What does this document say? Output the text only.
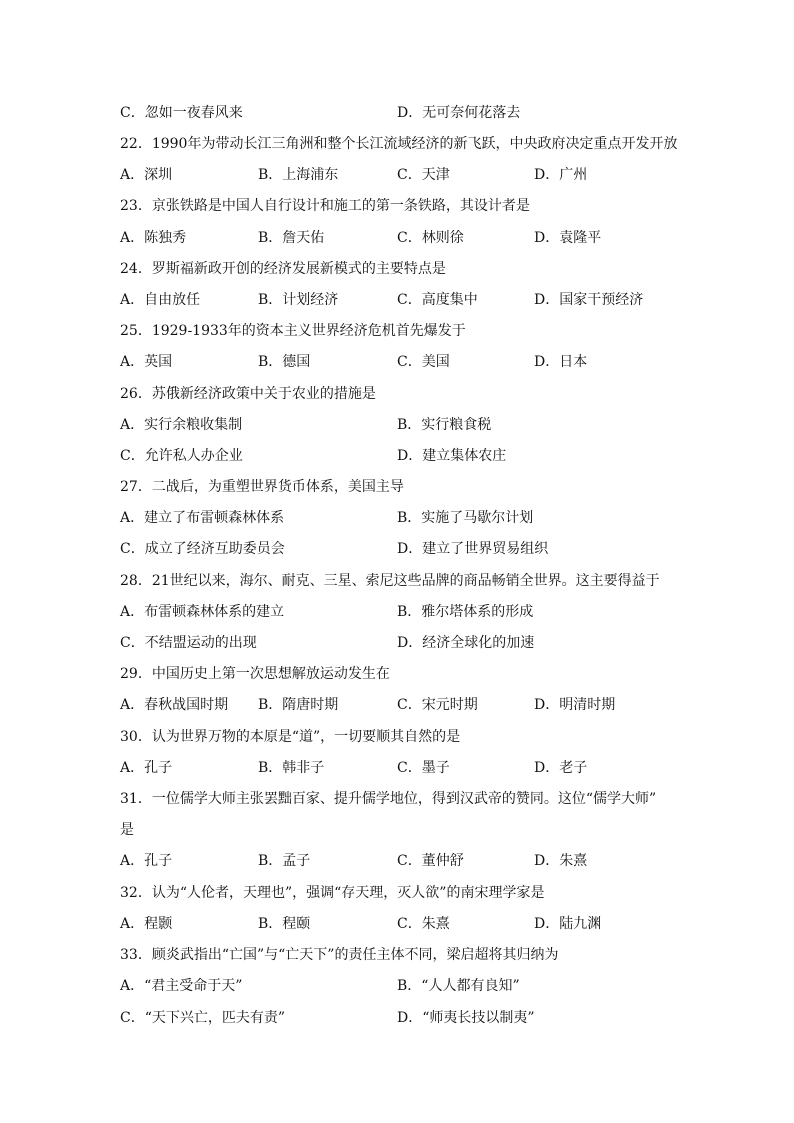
C．忽如一夜春风来	D．无可奈何花落去
22．1990年为带动长江三角洲和整个长江流域经济的新飞跃，中央政府决定重点开发开放
A．深圳	B．上海浦东	C．天津	D．广州
23．京张铁路是中国人自行设计和施工的第一条铁路，其设计者是
A．陈独秀	B．詹天佑	C．林则徐	D．袁隆平
24．罗斯福新政开创的经济发展新模式的主要特点是
A．自由放任	B．计划经济	C．高度集中	D．国家干预经济
25．1929-1933年的资本主义世界经济危机首先爆发于
A．英国	B．德国	C．美国	D．日本
26．苏俄新经济政策中关于农业的措施是
A．实行余粮收集制	B．实行粮食税
C．允许私人办企业	D．建立集体农庄
27．二战后，为重塑世界货币体系，美国主导
A．建立了布雷顿森林体系	B．实施了马歇尔计划
C．成立了经济互助委员会	D．建立了世界贸易组织
28．21世纪以来，海尔、耐克、三星、索尼这些品牌的商品畅销全世界。这主要得益于
A．布雷顿森林体系的建立	B．雅尔塔体系的形成
C．不结盟运动的出现	D．经济全球化的加速
29．中国历史上第一次思想解放运动发生在
A．春秋战国时期 B．隋唐时期	C．宋元时期	D．明清时期
30．认为世界万物的本原是“道”，一切要顺其自然的是
A．孔子	B．韩非子	C．墨子	D．老子
31．一位儒学大师主张罢黜百家、提升儒学地位，得到汉武帝的赞同。这位“儒学大师”
是
A．孔子	B．孟子	C．董仲舒	D．朱熹
32．认为“人伦者，天理也”，强调“存天理，灭人欲”的南宋理学家是
A．程颢	B．程颐	C．朱熹	D．陆九渊
33．顾炎武指出“亡国”与“亡天下”的责任主体不同，梁启超将其归纳为
A．“君主受命于天”	B．“人人都有良知”
C．“天下兴亡，匹夫有责”	D．“师夷长技以制夷”
